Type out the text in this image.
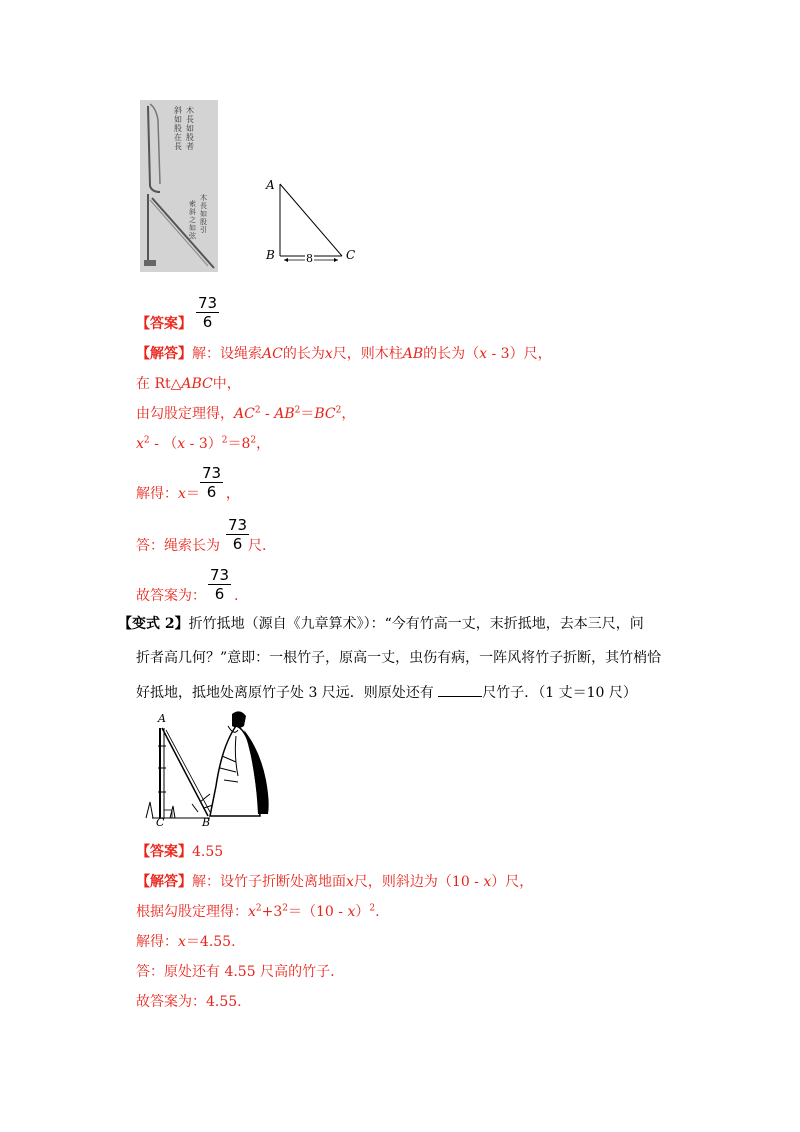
木長如股者
斜如股在長
木長如股引
索斜之如弦
A
B	C
8
【答案】
73
6
【解答】解：设绳索AC的长为x尺，则木柱AB的长为（x - 3）尺，
在 Rt△ABC中，
由勾股定理得，$AC^2 - AB^2=BC^2$，
$x^2 - (x - 3)^2=8^2$，
解得：x＝ ，
73
6
答：绳索长为 尺.
73
6
故答案为： .
73
6
【变式 2】折竹抵地（源自《九章算术》）：“今有竹高一丈，末折抵地，去本三尺，问
折者高几何？”意即：一根竹子，原高一丈，虫伤有病，一阵风将竹子折断，其竹梢恰
好抵地，抵地处离原竹子处 3 尺远．则原处还有	尺竹子．（1 丈＝10 尺）
A
C	B
【答案】4.55
【解答】解：设竹子折断处离地面x尺，则斜边为（10 - x）尺，
根据勾股定理得：$x^2+3^2=(10 - x)^2$.
解得：x＝4.55.
答：原处还有 4.55 尺高的竹子.
故答案为：4.55.
